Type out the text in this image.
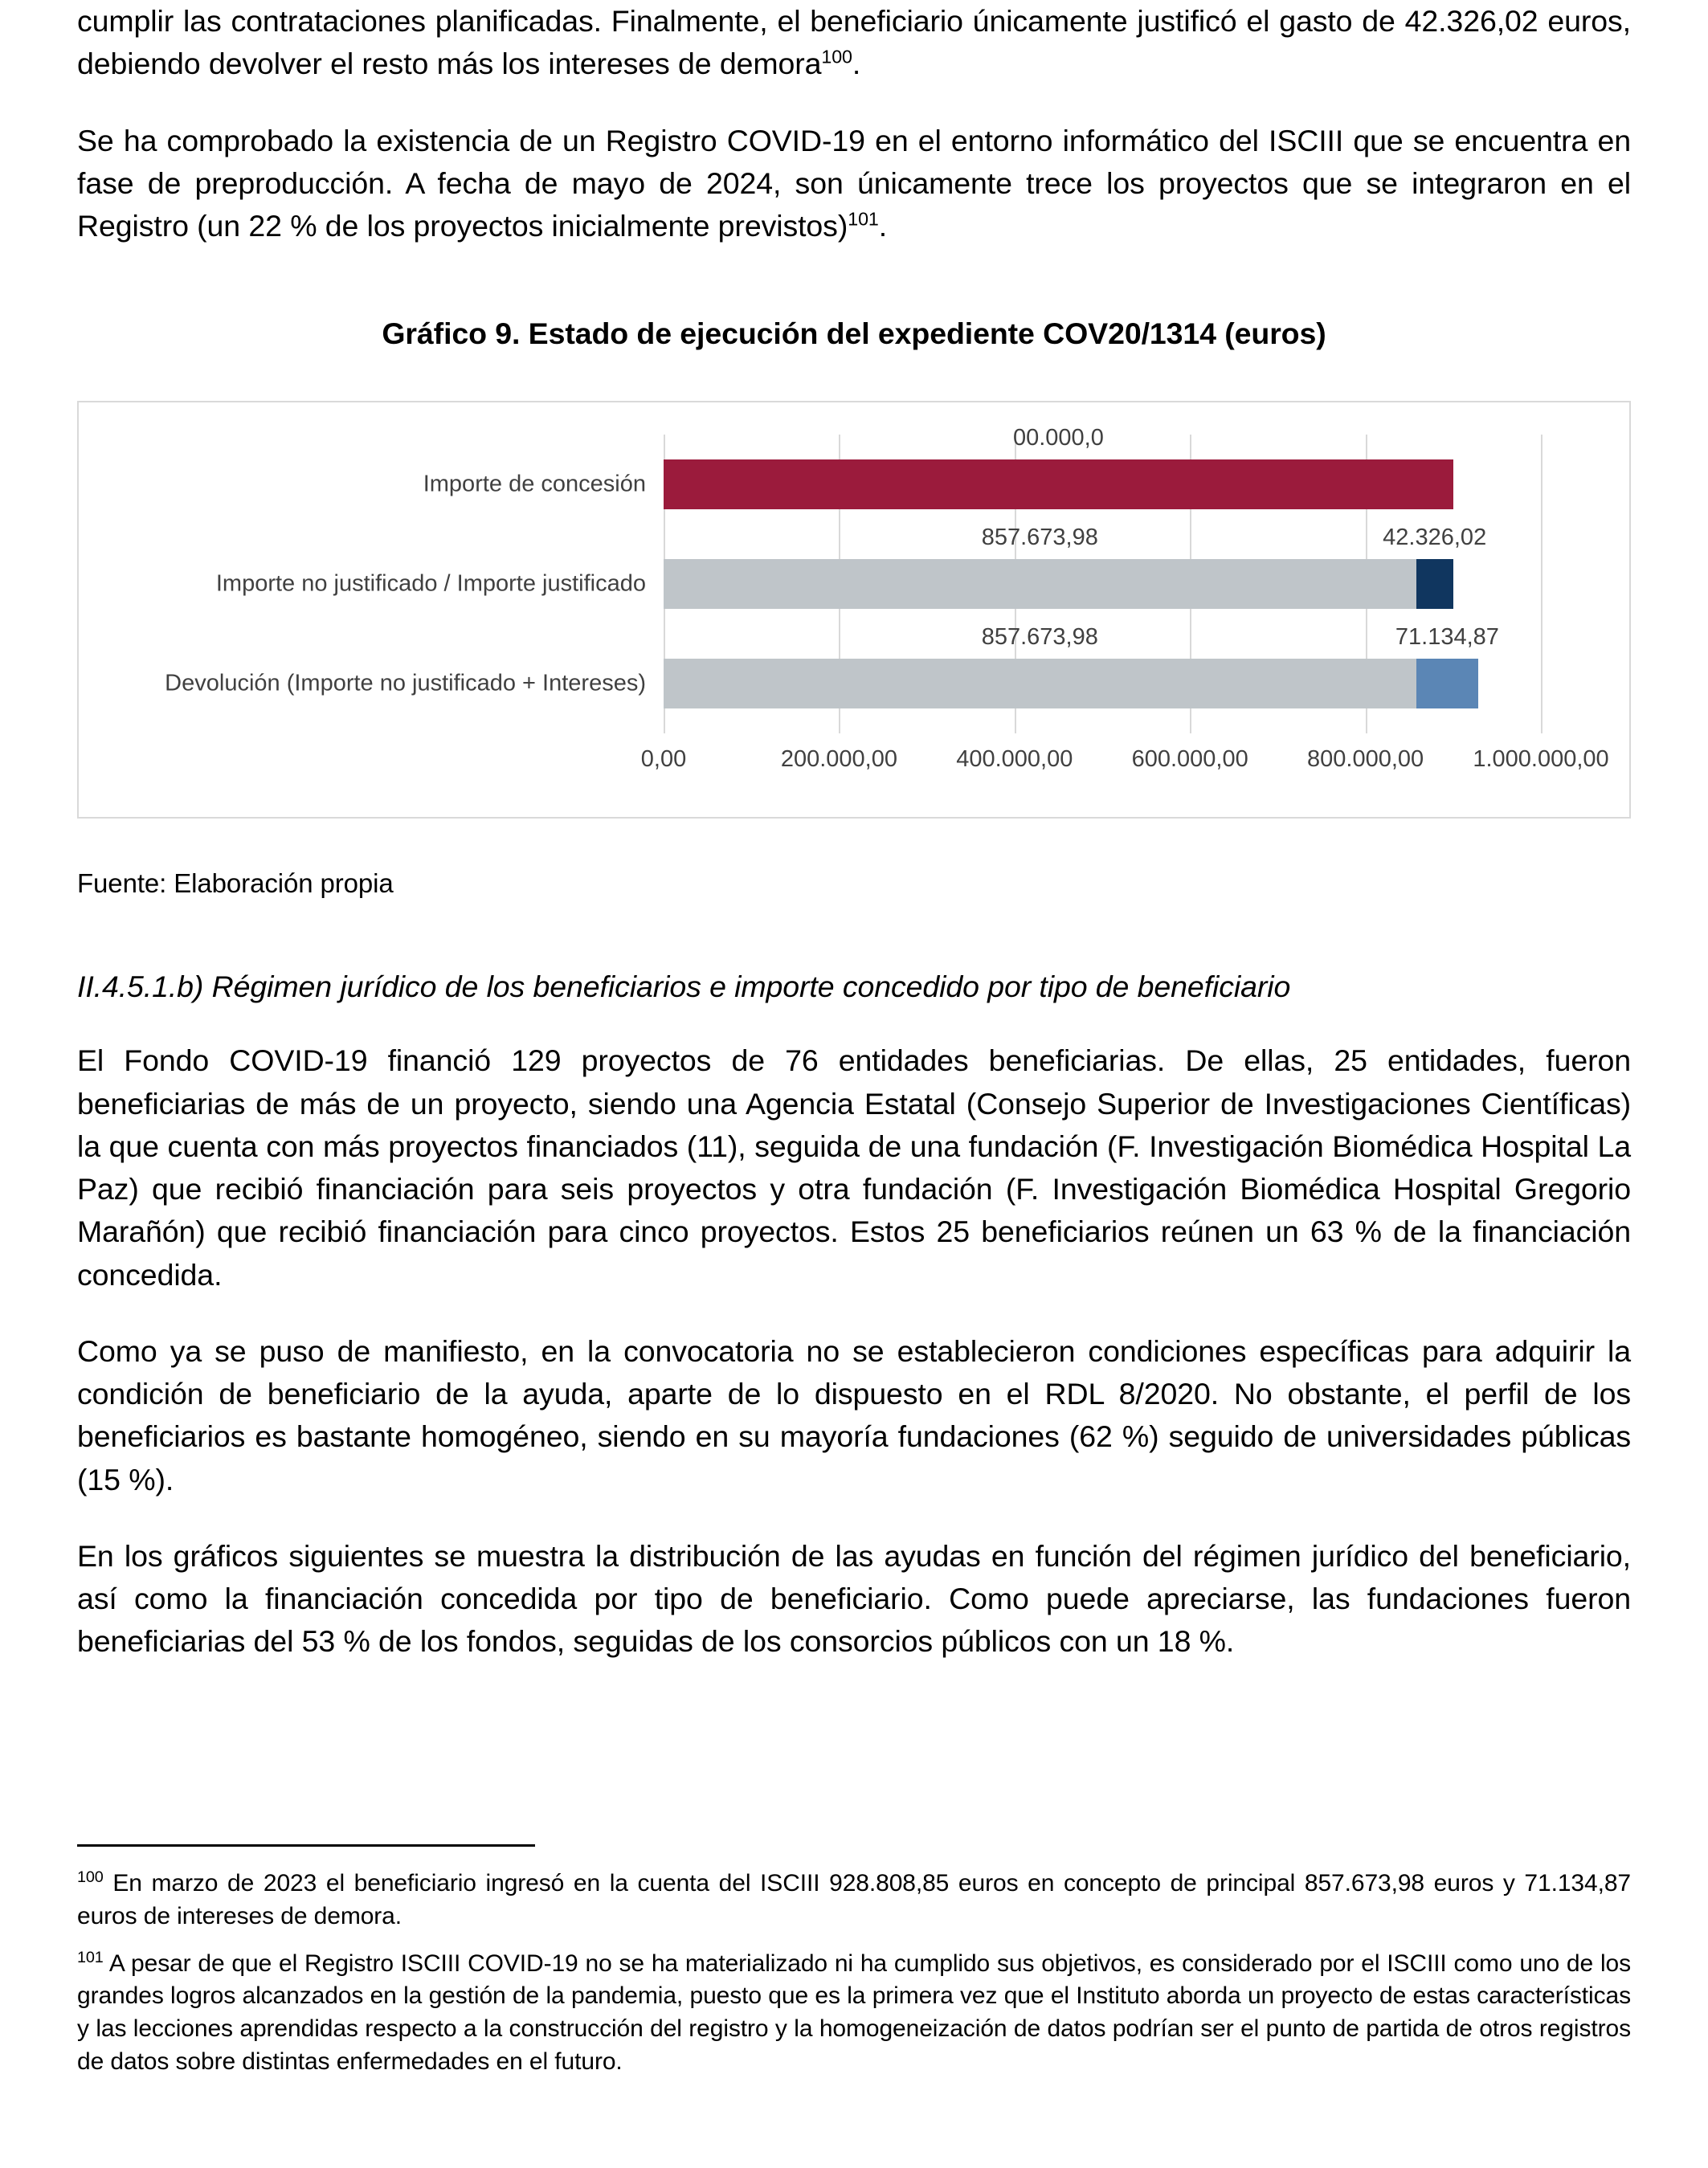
cumplir las contrataciones planificadas. Finalmente, el beneficiario únicamente justificó el gasto de 42.326,02 euros, debiendo devolver el resto más los intereses de demora$^{100}$.

Se ha comprobado la existencia de un Registro COVID-19 en el entorno informático del ISCIII que se encuentra en fase de preproducción. A fecha de mayo de 2024, son únicamente trece los proyectos que se integraron en el Registro (un 22 % de los proyectos inicialmente previstos)$^{101}$.

Gráfico 9. Estado de ejecución del expediente COV20/1314 (euros)
Importe de concesión
Importe no justificado / Importe justificado
Devolución (Importe no justificado + Intereses)
0,00	200.000,00	400.000,00	600.000,00	800.000,00 1.000.000,00
00.000,0
857.673,98	42.326,02
857.673,98	71.134,87

Fuente: Elaboración propia

II.4.5.1.b) Régimen jurídico de los beneficiarios e importe concedido por tipo de beneficiario

El Fondo COVID-19 financió 129 proyectos de 76 entidades beneficiarias. De ellas, 25 entidades, fueron beneficiarias de más de un proyecto, siendo una Agencia Estatal (Consejo Superior de Investigaciones Científicas) la que cuenta con más proyectos financiados (11), seguida de una fundación (F. Investigación Biomédica Hospital La Paz) que recibió financiación para seis proyectos y otra fundación (F. Investigación Biomédica Hospital Gregorio Marañón) que recibió financiación para cinco proyectos. Estos 25 beneficiarios reúnen un 63 % de la financiación concedida.

Como ya se puso de manifiesto, en la convocatoria no se establecieron condiciones específicas para adquirir la condición de beneficiario de la ayuda, aparte de lo dispuesto en el RDL 8/2020. No obstante, el perfil de los beneficiarios es bastante homogéneo, siendo en su mayoría fundaciones (62 %) seguido de universidades públicas (15 %).

En los gráficos siguientes se muestra la distribución de las ayudas en función del régimen jurídico del beneficiario, así como la financiación concedida por tipo de beneficiario. Como puede apreciarse, las fundaciones fueron beneficiarias del 53 % de los fondos, seguidas de los consorcios públicos con un 18 %.

$^{100}$ En marzo de 2023 el beneficiario ingresó en la cuenta del ISCIII 928.808,85 euros en concepto de principal 857.673,98 euros y 71.134,87 euros de intereses de demora.

$^{101}$ A pesar de que el Registro ISCIII COVID-19 no se ha materializado ni ha cumplido sus objetivos, es considerado por el ISCIII como uno de los grandes logros alcanzados en la gestión de la pandemia, puesto que es la primera vez que el Instituto aborda un proyecto de estas características y las lecciones aprendidas respecto a la construcción del registro y la homogeneización de datos podrían ser el punto de partida de otros registros de datos sobre distintas enfermedades en el futuro.
